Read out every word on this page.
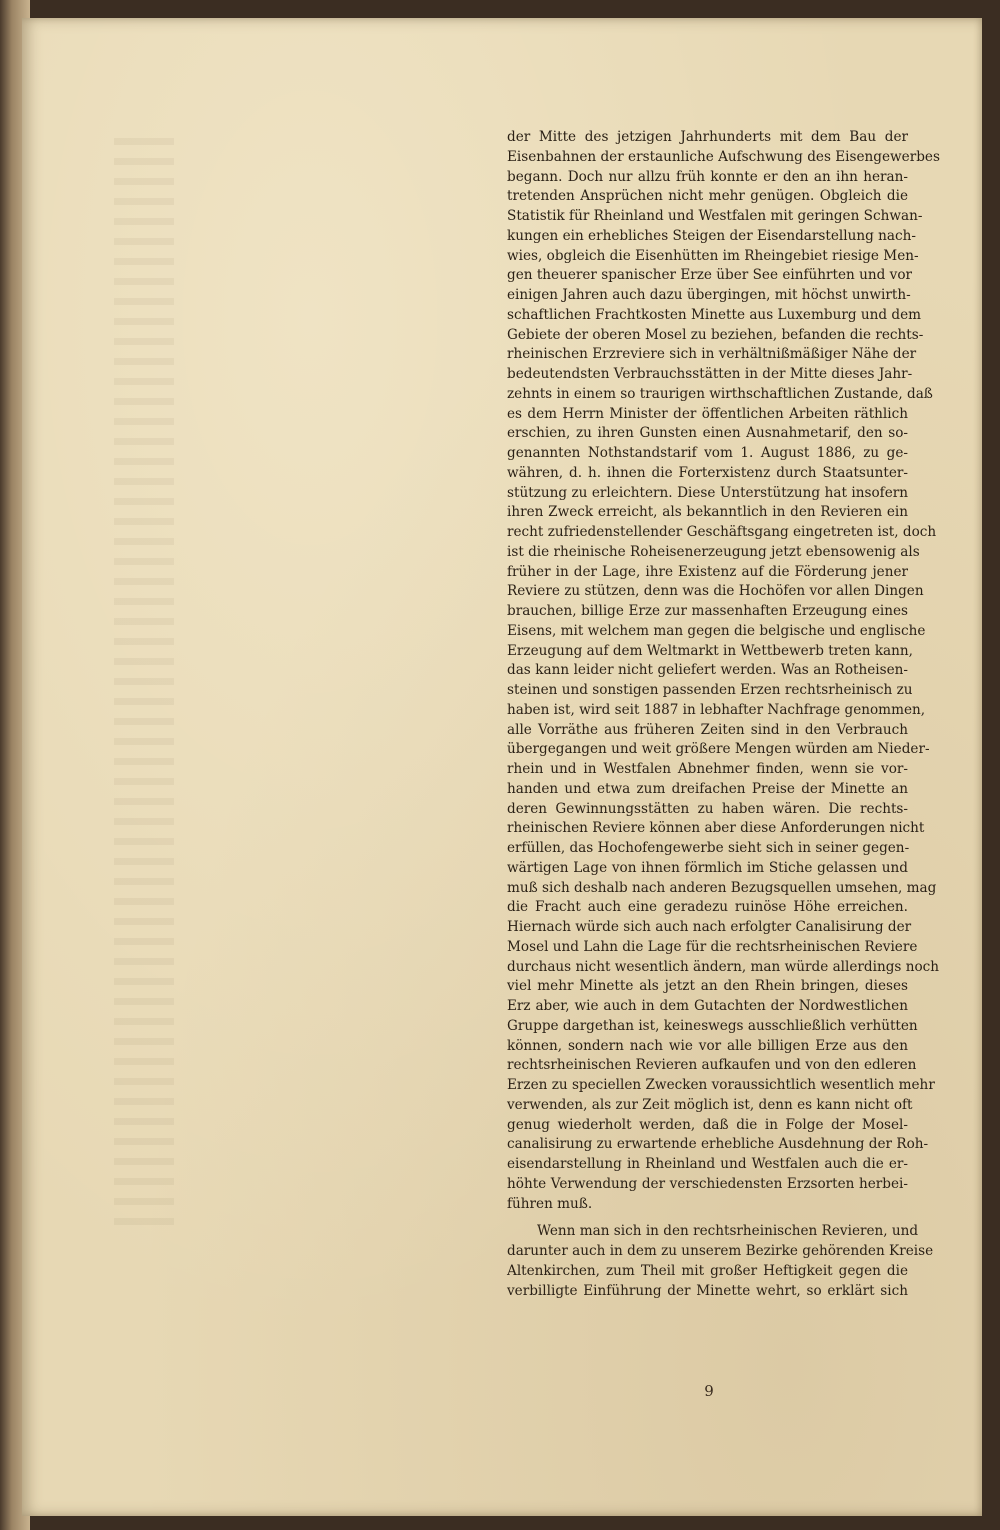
der Mitte des jetzigen Jahrhunderts mit dem Bau der
Eisenbahnen der erstaunliche Aufschwung des Eisengewerbes
begann. Doch nur allzu früh konnte er den an ihn heran-
tretenden Ansprüchen nicht mehr genügen. Obgleich die
Statistik für Rheinland und Westfalen mit geringen Schwan-
kungen ein erhebliches Steigen der Eisendarstellung nach-
wies, obgleich die Eisenhütten im Rheingebiet riesige Men-
gen theuerer spanischer Erze über See einführten und vor
einigen Jahren auch dazu übergingen, mit höchst unwirth-
schaftlichen Frachtkosten Minette aus Luxemburg und dem
Gebiete der oberen Mosel zu beziehen, befanden die rechts-
rheinischen Erzreviere sich in verhältnißmäßiger Nähe der
bedeutendsten Verbrauchsstätten in der Mitte dieses Jahr-
zehnts in einem so traurigen wirthschaftlichen Zustande, daß
es dem Herrn Minister der öffentlichen Arbeiten räthlich
erschien, zu ihren Gunsten einen Ausnahmetarif, den so-
genannten Nothstandstarif vom 1. August 1886, zu ge-
währen, d. h. ihnen die Forterxistenz durch Staatsunter-
stützung zu erleichtern. Diese Unterstützung hat insofern
ihren Zweck erreicht, als bekanntlich in den Revieren ein
recht zufriedenstellender Geschäftsgang eingetreten ist, doch
ist die rheinische Roheisenerzeugung jetzt ebensowenig als
früher in der Lage, ihre Existenz auf die Förderung jener
Reviere zu stützen, denn was die Hochöfen vor allen Dingen
brauchen, billige Erze zur massenhaften Erzeugung eines
Eisens, mit welchem man gegen die belgische und englische
Erzeugung auf dem Weltmarkt in Wettbewerb treten kann,
das kann leider nicht geliefert werden. Was an Rotheisen-
steinen und sonstigen passenden Erzen rechtsrheinisch zu
haben ist, wird seit 1887 in lebhafter Nachfrage genommen,
alle Vorräthe aus früheren Zeiten sind in den Verbrauch
übergegangen und weit größere Mengen würden am Nieder-
rhein und in Westfalen Abnehmer finden, wenn sie vor-
handen und etwa zum dreifachen Preise der Minette an
deren Gewinnungsstätten zu haben wären. Die rechts-
rheinischen Reviere können aber diese Anforderungen nicht
erfüllen, das Hochofengewerbe sieht sich in seiner gegen-
wärtigen Lage von ihnen förmlich im Stiche gelassen und
muß sich deshalb nach anderen Bezugsquellen umsehen, mag
die Fracht auch eine geradezu ruinöse Höhe erreichen.
Hiernach würde sich auch nach erfolgter Canalisirung der
Mosel und Lahn die Lage für die rechtsrheinischen Reviere
durchaus nicht wesentlich ändern, man würde allerdings noch
viel mehr Minette als jetzt an den Rhein bringen, dieses
Erz aber, wie auch in dem Gutachten der Nordwestlichen
Gruppe dargethan ist, keineswegs ausschließlich verhütten
können, sondern nach wie vor alle billigen Erze aus den
rechtsrheinischen Revieren aufkaufen und von den edleren
Erzen zu speciellen Zwecken voraussichtlich wesentlich mehr
verwenden, als zur Zeit möglich ist, denn es kann nicht oft
genug wiederholt werden, daß die in Folge der Mosel-
canalisirung zu erwartende erhebliche Ausdehnung der Roh-
eisendarstellung in Rheinland und Westfalen auch die er-
höhte Verwendung der verschiedensten Erzsorten herbei-
führen muß.
Wenn man sich in den rechtsrheinischen Revieren, und
darunter auch in dem zu unserem Bezirke gehörenden Kreise
Altenkirchen, zum Theil mit großer Heftigkeit gegen die
verbilligte Einführung der Minette wehrt, so erklärt sich
9
